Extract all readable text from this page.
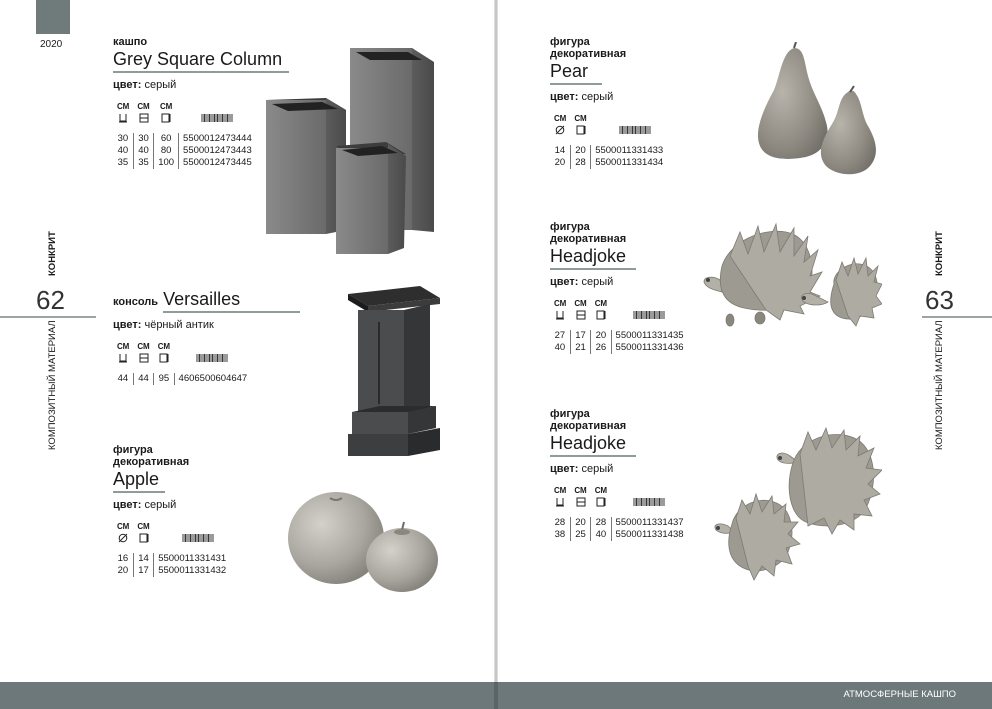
2020
62
КОНКРИТ
КОМПОЗИТНЫЙ МАТЕРИАЛ
63
КОНКРИТ
КОМПОЗИТНЫЙ МАТЕРИАЛ
АТМОСФЕРНЫЕ КАШПО
кашпо
Grey Square Column
цвет: серый
СМ	СМ	СМ	

30	30	60	5500012473444
40	40	80	5500012473443
35	35	100	5500012473445
консоль Versailles
цвет: чёрный антик
СМ	СМ	СМ	

44	44	95	4606500604647
фигура
декоративная
Apple
цвет: серый
СМ	СМ	

16	14	5500011331431
20	17	5500011331432
фигура
декоративная
Pear
цвет: серый
СМ	СМ	

14	20	5500011331433
20	28	5500011331434
фигура
декоративная
Headjoke
цвет: серый
СМ	СМ	СМ	

27	17	20	5500011331435
40	21	26	5500011331436
фигура
декоративная
Headjoke
цвет: серый
СМ	СМ	СМ	

28	20	28	5500011331437
38	25	40	5500011331438
